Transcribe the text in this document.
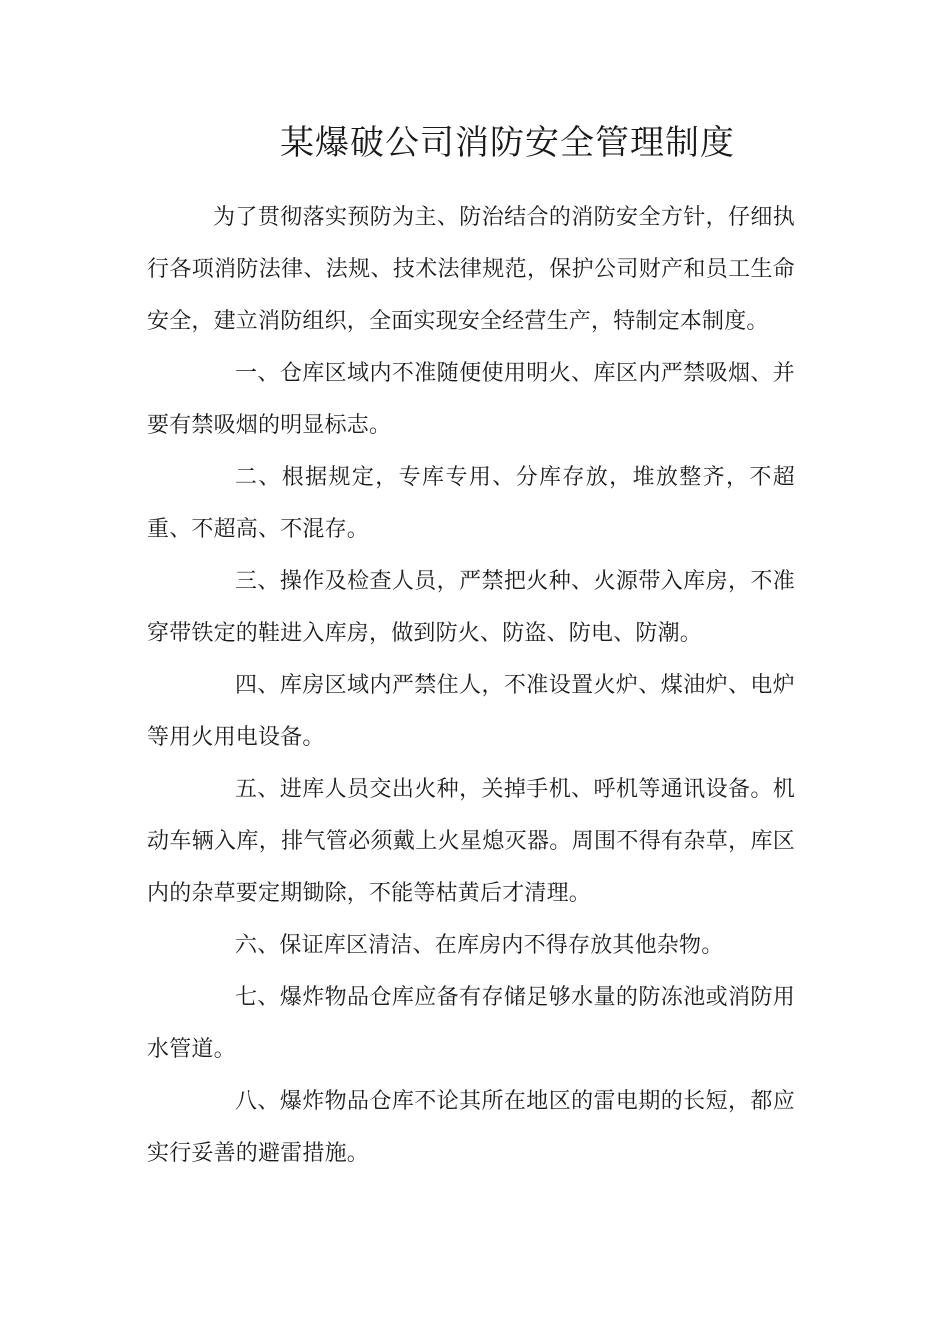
某爆破公司消防安全管理制度

为了贯彻落实预防为主、防治结合的消防安全方针，仔细执行各项消防法律、法规、技术法律规范，保护公司财产和员工生命安全，建立消防组织，全面实现安全经营生产，特制定本制度。

一、仓库区域内不准随便使用明火、库区内严禁吸烟、并要有禁吸烟的明显标志。

二、根据规定，专库专用、分库存放，堆放整齐，不超重、不超高、不混存。

三、操作及检查人员，严禁把火种、火源带入库房，不准穿带铁定的鞋进入库房，做到防火、防盗、防电、防潮。

四、库房区域内严禁住人，不准设置火炉、煤油炉、电炉等用火用电设备。

五、进库人员交出火种，关掉手机、呼机等通讯设备。机动车辆入库，排气管必须戴上火星熄灭器。周围不得有杂草，库区内的杂草要定期锄除，不能等枯黄后才清理。

六、保证库区清洁、在库房内不得存放其他杂物。

七、爆炸物品仓库应备有存储足够水量的防冻池或消防用水管道。

八、爆炸物品仓库不论其所在地区的雷电期的长短，都应实行妥善的避雷措施。
